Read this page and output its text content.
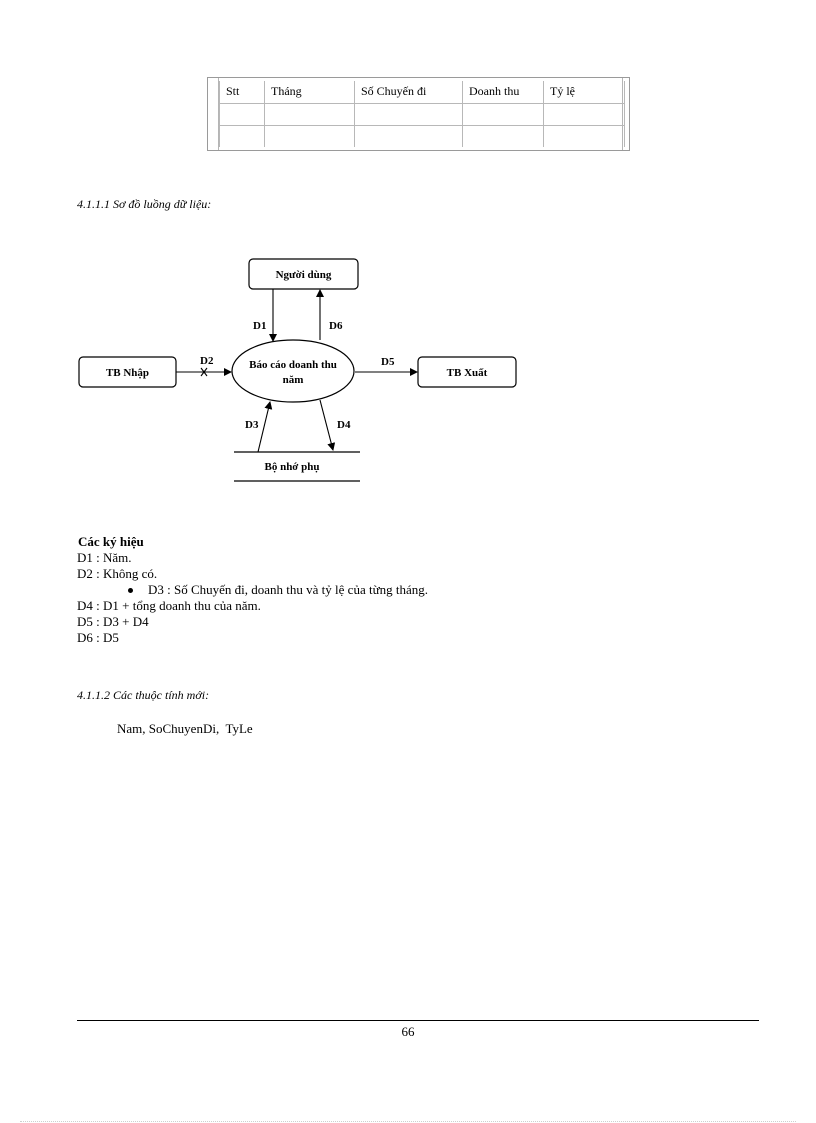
Stt	Tháng	Số Chuyến đi	Doanh thu	Tỷ lệ

4.1.1.1 Sơ đồ luồng dữ liệu:
Người dùng
Báo cáo doanh thu
năm
TB Nhập	TB Xuất
Bộ nhớ phụ
D1	D6
D2	D5
D3	D4
Các ký hiệu
D1 : Năm.
D2 : Không có.
D3 : Số Chuyến đi, doanh thu và tỷ lệ của từng tháng.
D4 : D1 + tổng doanh thu của năm.
D5 : D3 + D4
D6 : D5
4.1.1.2 Các thuộc tính mới:
Nam, SoChuyenDi,  TyLe
66
